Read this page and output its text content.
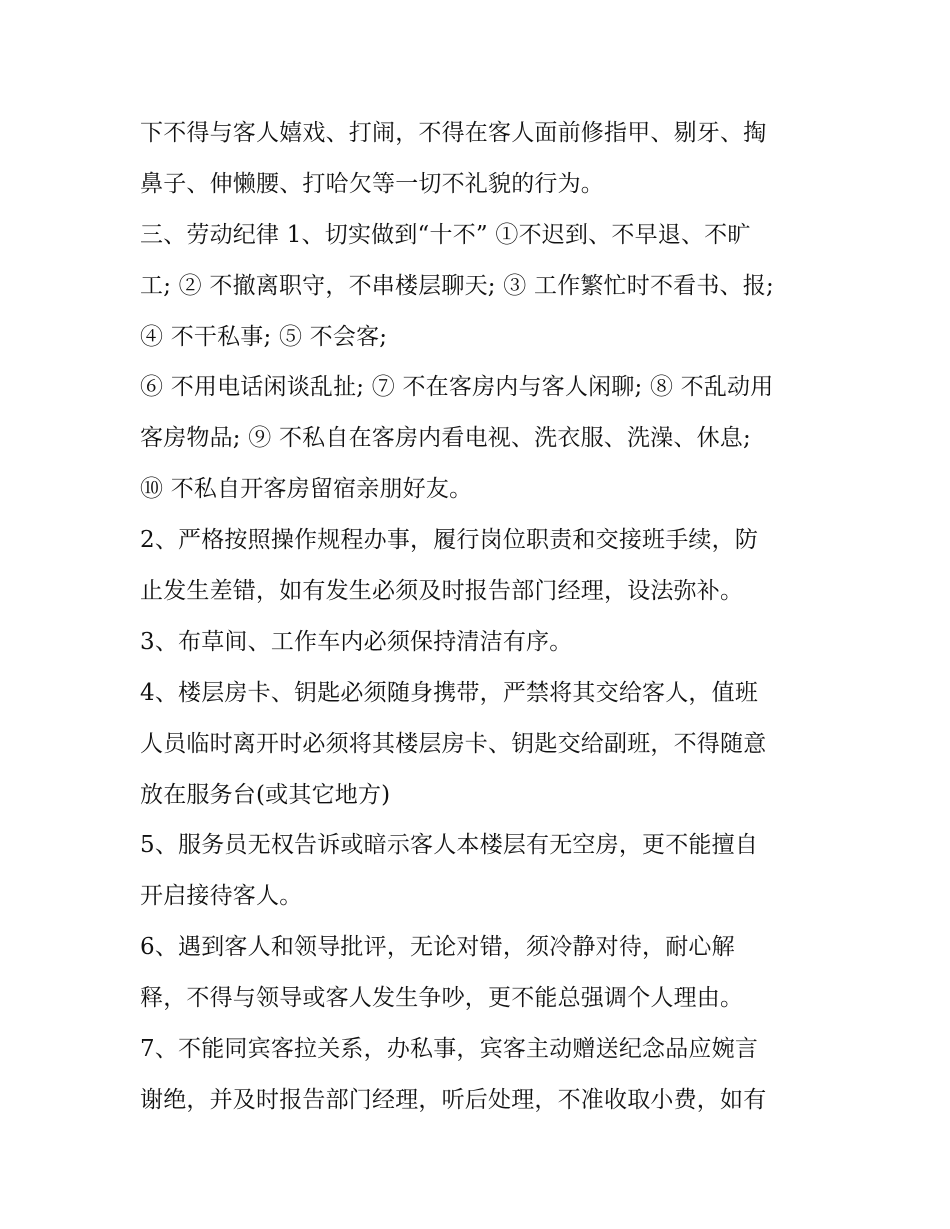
下不得与客人嬉戏、打闹，不得在客人面前修指甲、剔牙、掏
鼻子、伸懒腰、打哈欠等一切不礼貌的行为。
三、劳动纪律 1、切实做到“十不” ①不迟到、不早退、不旷
工; ② 不撤离职守，不串楼层聊天; ③ 工作繁忙时不看书、报;
④ 不干私事; ⑤ 不会客;
⑥ 不用电话闲谈乱扯; ⑦ 不在客房内与客人闲聊; ⑧ 不乱动用
客房物品; ⑨ 不私自在客房内看电视、洗衣服、洗澡、休息;
⑩ 不私自开客房留宿亲朋好友。
2、严格按照操作规程办事，履行岗位职责和交接班手续，防
止发生差错，如有发生必须及时报告部门经理，设法弥补。
3、布草间、工作车内必须保持清洁有序。
4、楼层房卡、钥匙必须随身携带，严禁将其交给客人，值班
人员临时离开时必须将其楼层房卡、钥匙交给副班，不得随意
放在服务台(或其它地方)
5、服务员无权告诉或暗示客人本楼层有无空房，更不能擅自
开启接待客人。
6、遇到客人和领导批评，无论对错，须冷静对待，耐心解
释，不得与领导或客人发生争吵，更不能总强调个人理由。
7、不能同宾客拉关系，办私事，宾客主动赠送纪念品应婉言
谢绝，并及时报告部门经理，听后处理，不准收取小费，如有
